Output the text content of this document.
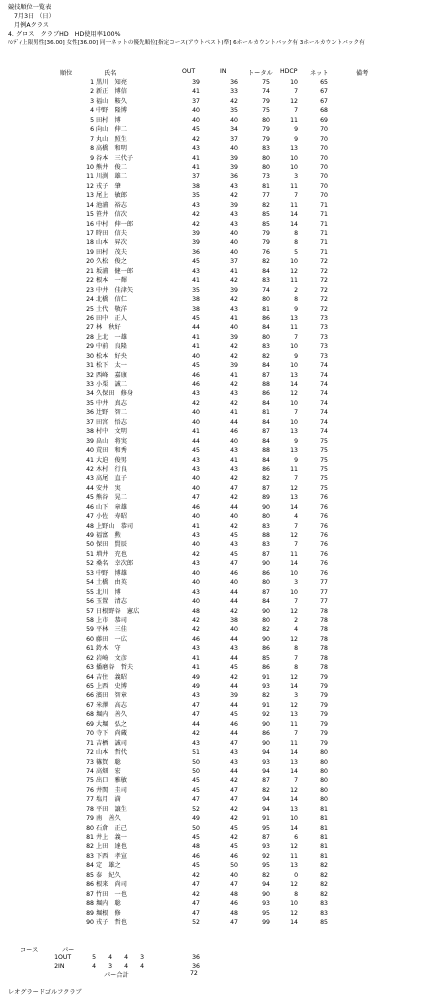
競技順位一覧表
7月3日 （日）
月例Aクラス
4. グロス　クラブHD　HD使用率100%
ﾊﾝﾃﾞｨ上限男性[36.00] 女性[36.00] 同一ネットの優先順位[指定コース(アウトベスト)準] 6ホールカウントバック有 3ホールカウントバック有
順位	氏名	OUT	IN	トータル HDCP ネット	備考
1 黒川　知亮	39	36	75	10	65
2 新正　博信	41	33	74	7	67
3 福山　鞍久	37	42	79	12	67
4 中野　隆博	40	35	75	7	68
5 田村　博	40	40	80	11	69
6 向山　伸二	45	34	79	9	70
7 丸山　照生	42	37	79	9	70
8 高橋　和明	43	40	83	13	70
9 谷本　三代子	41	39	80	10	70
10 熊井　俊二	41	39	80	10	70
11 川渕　雄二	37	36	73	3	70
12 戎子　肇	38	43	81	11	70
13 尾上　敏郎	35	42	77	7	70
14 池浦　裕志	43	39	82	11	71
15 笹井　信次	42	43	85	14	71
16 中村　伸一郎	42	43	85	14	71
17 時田　信夫	39	40	79	8	71
18 山本　昇次	39	40	79	8	71
19 田村　茂夫	36	40	76	5	71
20 久松　俊之	45	37	82	10	72
21 坂浦　健一郎	43	41	84	12	72
22 根本　一輝	41	42	83	11	72
23 中井　佳津矢	35	39	74	2	72
24 北橋　信仁	38	42	80	8	72
25 土代　敬洋	38	43	81	9	72
26 田中　正人	45	41	86	13	73
27 林　秋好	44	40	84	11	73
28 上北　一雄	41	39	80	7	73
29 中前　良隆	41	42	83	10	73
30 松本　好央	40	42	82	9	73
31 松下　太一	45	39	84	10	74
32 西峰　嘉康	46	41	87	13	74
33 小栗　誠二	46	42	88	14	74
34 久保田　修身	43	43	86	12	74
35 中井　真志	42	42	84	10	74
36 辻野　智二	40	41	81	7	74
37 田宮　悟志	40	44	84	10	74
38 村中　文明	41	46	87	13	74
39 畠山　将実	44	40	84	9	75
40 荒田　和秀	45	43	88	13	75
41 大迫　俊男	43	41	84	9	75
42 木村　行良	43	43	86	11	75
43 高尾　直子	40	42	82	7	75
44 安井　実	40	47	87	12	75
45 熊谷　晃二	47	42	89	13	76
46 山下　章雄	46	44	90	14	76
47 小佐　寿昭	40	40	80	4	76
48 上野山　恭司	41	42	83	7	76
49 福富　勲	43	45	88	12	76
50 保田　賢辰	40	43	83	7	76
51 増井　充也	42	45	87	11	76
52 桑名　幸次郎	43	47	90	14	76
53 中野　博雄	40	46	86	10	76
54 土橋　由英	40	40	80	3	77
55 北川　博	43	44	87	10	77
56 玉置　清志	40	44	84	7	77
57 日根野谷　憲広	48	42	90	12	78
58 上市　恭司	42	38	80	2	78
59 平林　三佳	42	40	82	4	78
60 藤田　一広	46	44	90	12	78
61 鈴木　守	43	43	86	8	78
62 岩崎　文彦	41	44	85	7	78
63 播磨谷　哲夫	41	45	86	8	78
64 吉住　義昭	49	42	91	12	79
65 上西　史博	49	44	93	14	79
66 濱田　智章	43	39	82	3	79
67 米澤　高志	47	44	91	12	79
68 堀内　善久	47	45	92	13	79
69 大堀　弘之	44	46	90	11	79
70 寺下　尚蔵	42	44	86	7	79
71 吉栖　誠司	43	47	90	11	79
72 山本　哲代	51	43	94	14	80
73 篠賀　聡	50	43	93	13	80
74 高畑　宏	50	44	94	14	80
75 出口　雅敏	45	42	87	7	80
76 井関　圭司	45	47	82	12	80
77 塩月　満	47	47	94	14	80
78 平田　譲生	52	42	94	13	81
79 南　善久	49	42	91	10	81
80 石倉　正己	50	45	95	14	81
81 井上　義一	45	42	87	6	81
82 上田　達也	48	45	93	12	81
83 下西　孝宣	46	46	92	11	81
84 定　雄之	45	50	95	13	82
85 泰　紀久	42	40	82	0	82
86 根来　尚司	47	47	94	12	82
87 竹田　一也	42	48	90	8	82
88 堀内　聡	47	46	93	10	83
89 堀根　修	47	48	95	12	83
90 戎子　哲也	52	47	99	14	85
コース	パー
1 OUT	5	4	4	3	36
2 IN	4	3	4	4	36
パー合計	72
レオグラードゴルフクラブ
